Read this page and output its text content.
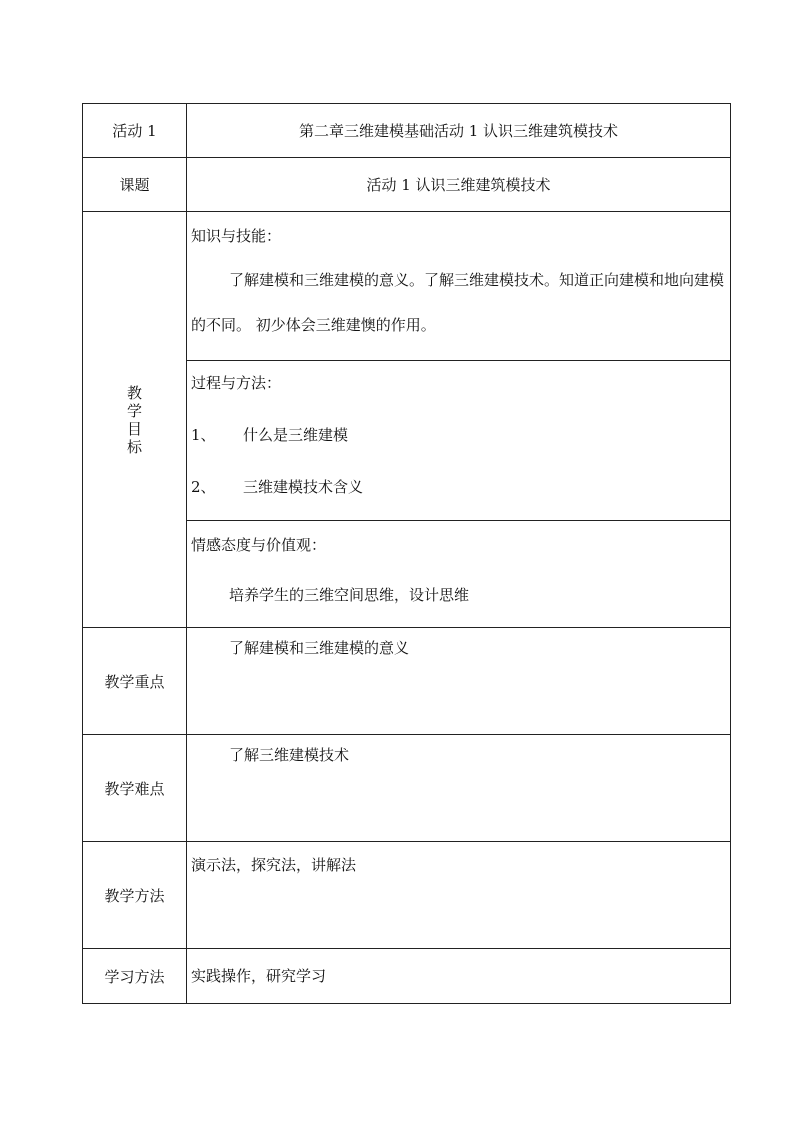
活动 1	第二章三维建模基础活动 1 认识三维建筑模技术
课题	活动 1 认识三维建筑模技术
教学目标	知识与技能：

了解建模和三维建模的意义。了解三维建模技术。知道正向建模和地向建模的不同。 初少体会三维建懊的作用。

	过程与方法：
1、 什么是三维建模
2、 三维建模技术含义

	情感态度与价值观：
培养学生的三维空间思维，设计思维

教学重点	了解建模和三维建模的意义

教学难点	了解三维建模技术

教学方法	演示法，探究法，讲解法

学习方法	实践操作，研究学习
